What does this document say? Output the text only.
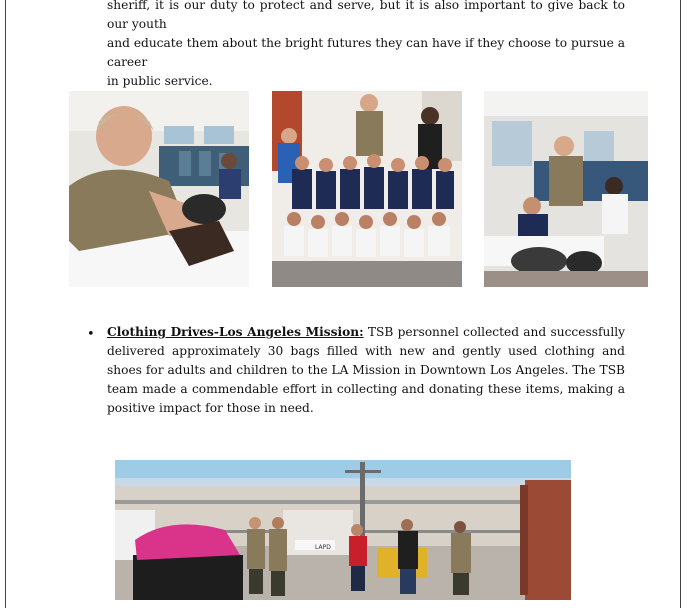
sheriff, it is our duty to protect and serve, but it is also important to give back to our youth
and educate them about the bright futures they can have if they choose to pursue a career
in public service.
• Clothing Drives-Los Angeles Mission: TSB personnel collected and successfully delivered approximately 30 bags filled with new and gently used clothing and shoes for adults and children to the LA Mission in Downtown Los Angeles. The TSB team made a commendable effort in collecting and donating these items, making a positive impact for those in need.
LAPD
